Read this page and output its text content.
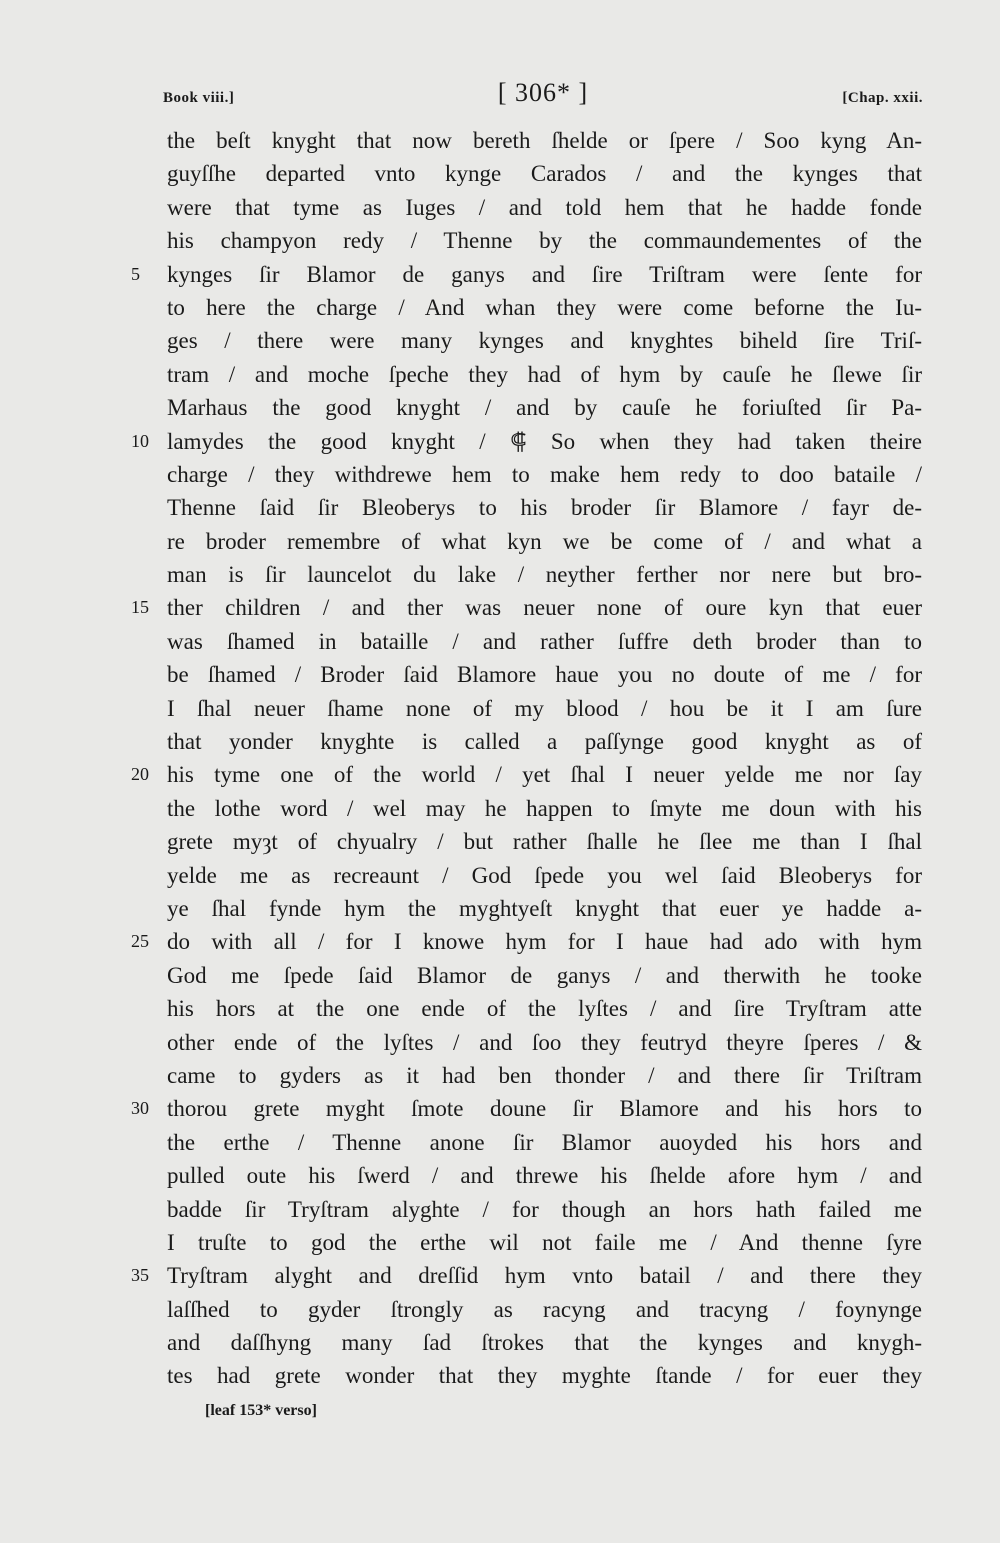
Book viii.]	[ 306* ]	[Chap. xxii.
the beſt knyght that now bereth ſhelde or ſpere / Soo kyng An-
guyſſhe departed vnto kynge Carados / and the kynges that
were that tyme as Iuges / and told hem that he hadde fonde
his champyon redy / Thenne by the commaundementes of the
5	kynges ſir Blamor de ganys and ſire Triſtram were ſente for
to here the charge / And whan they were come beforne the Iu-
ges / there were many kynges and knyghtes biheld ſire Triſ-
tram / and moche ſpeche they had of hym by cauſe he ſlewe ſir
Marhaus the good knyght / and by cauſe he foriuſted ſir Pa-
10 lamydes the good knyght / ⸿ So when they had taken theire
charge / they withdrewe hem to make hem redy to doo bataile /
Thenne ſaid ſir Bleoberys to his broder ſir Blamore / fayr de-
re broder remembre of what kyn we be come of / and what a
man is ſir launcelot du lake / neyther ferther nor nere but bro-
15 ther children / and ther was neuer none of oure kyn that euer
was ſhamed in bataille / and rather ſuffre deth broder than to
be ſhamed / Broder ſaid Blamore haue you no doute of me / for
I ſhal neuer ſhame none of my blood / hou be it I am ſure
that yonder knyghte is called a paſſynge good knyght as of
20 his tyme one of the world / yet ſhal I neuer yelde me nor ſay
the lothe word / wel may he happen to ſmyte me doun with his
grete myȝt of chyualry / but rather ſhalle he ſlee me than I ſhal
yelde me as recreaunt / God ſpede you wel ſaid Bleoberys for
ye ſhal fynde hym the myghtyeſt knyght that euer ye hadde a-
25 do with all / for I knowe hym for I haue had ado with hym
God me ſpede ſaid Blamor de ganys / and therwith he tooke
his hors at the one ende of the lyſtes / and ſire Tryſtram atte
other ende of the lyſtes / and ſoo they feutryd theyre ſperes / &
came to gyders as it had ben thonder / and there ſir Triſtram
30 thorou grete myght ſmote doune ſir Blamore and his hors to
the erthe / Thenne anone ſir Blamor auoyded his hors and
pulled oute his ſwerd / and threwe his ſhelde afore hym / and
badde ſir Tryſtram alyghte / for though an hors hath failed me
I truſte to god the erthe wil not faile me / And thenne ſyre
35 Tryſtram alyght and dreſſid hym vnto batail / and there they
laſſhed to gyder ſtrongly as racyng and tracyng / foynynge
and daſſhyng many ſad ſtrokes that the kynges and knygh-
tes had grete wonder that they myghte ſtande / for euer they
[leaf 153* verso]
